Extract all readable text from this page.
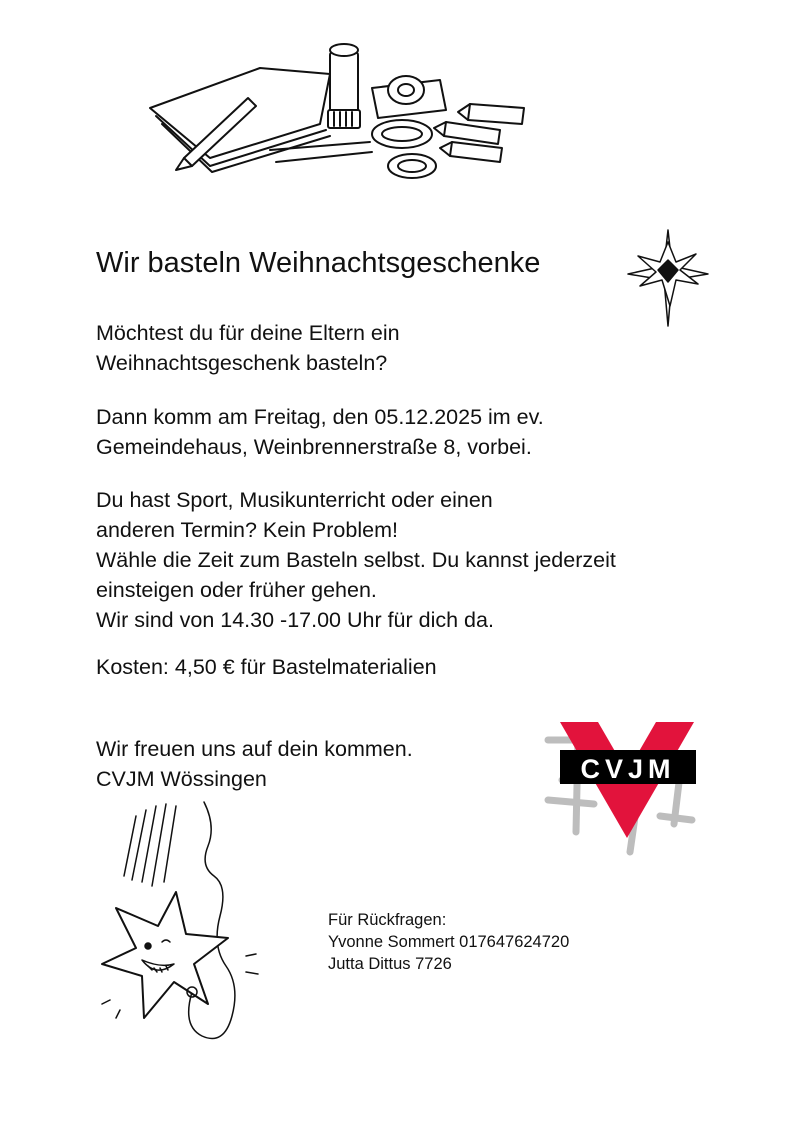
Wir basteln Weihnachtsgeschenke
Möchtest du für deine Eltern ein
Weihnachtsgeschenk basteln?
Dann komm am Freitag, den 05.12.2025 im ev.
Gemeindehaus, Weinbrennerstraße 8, vorbei.
Du hast Sport, Musikunterricht oder einen
anderen Termin? Kein Problem!
Wähle die Zeit zum Basteln selbst. Du kannst jederzeit
einsteigen oder früher gehen.
Wir sind von 14.30 -17.00 Uhr für dich da.
Kosten: 4,50 € für Bastelmaterialien
Wir freuen uns auf dein kommen.
CVJM Wössingen	CVJM
Für Rückfragen:
Yvonne Sommert 017647624720
Jutta Dittus 7726
